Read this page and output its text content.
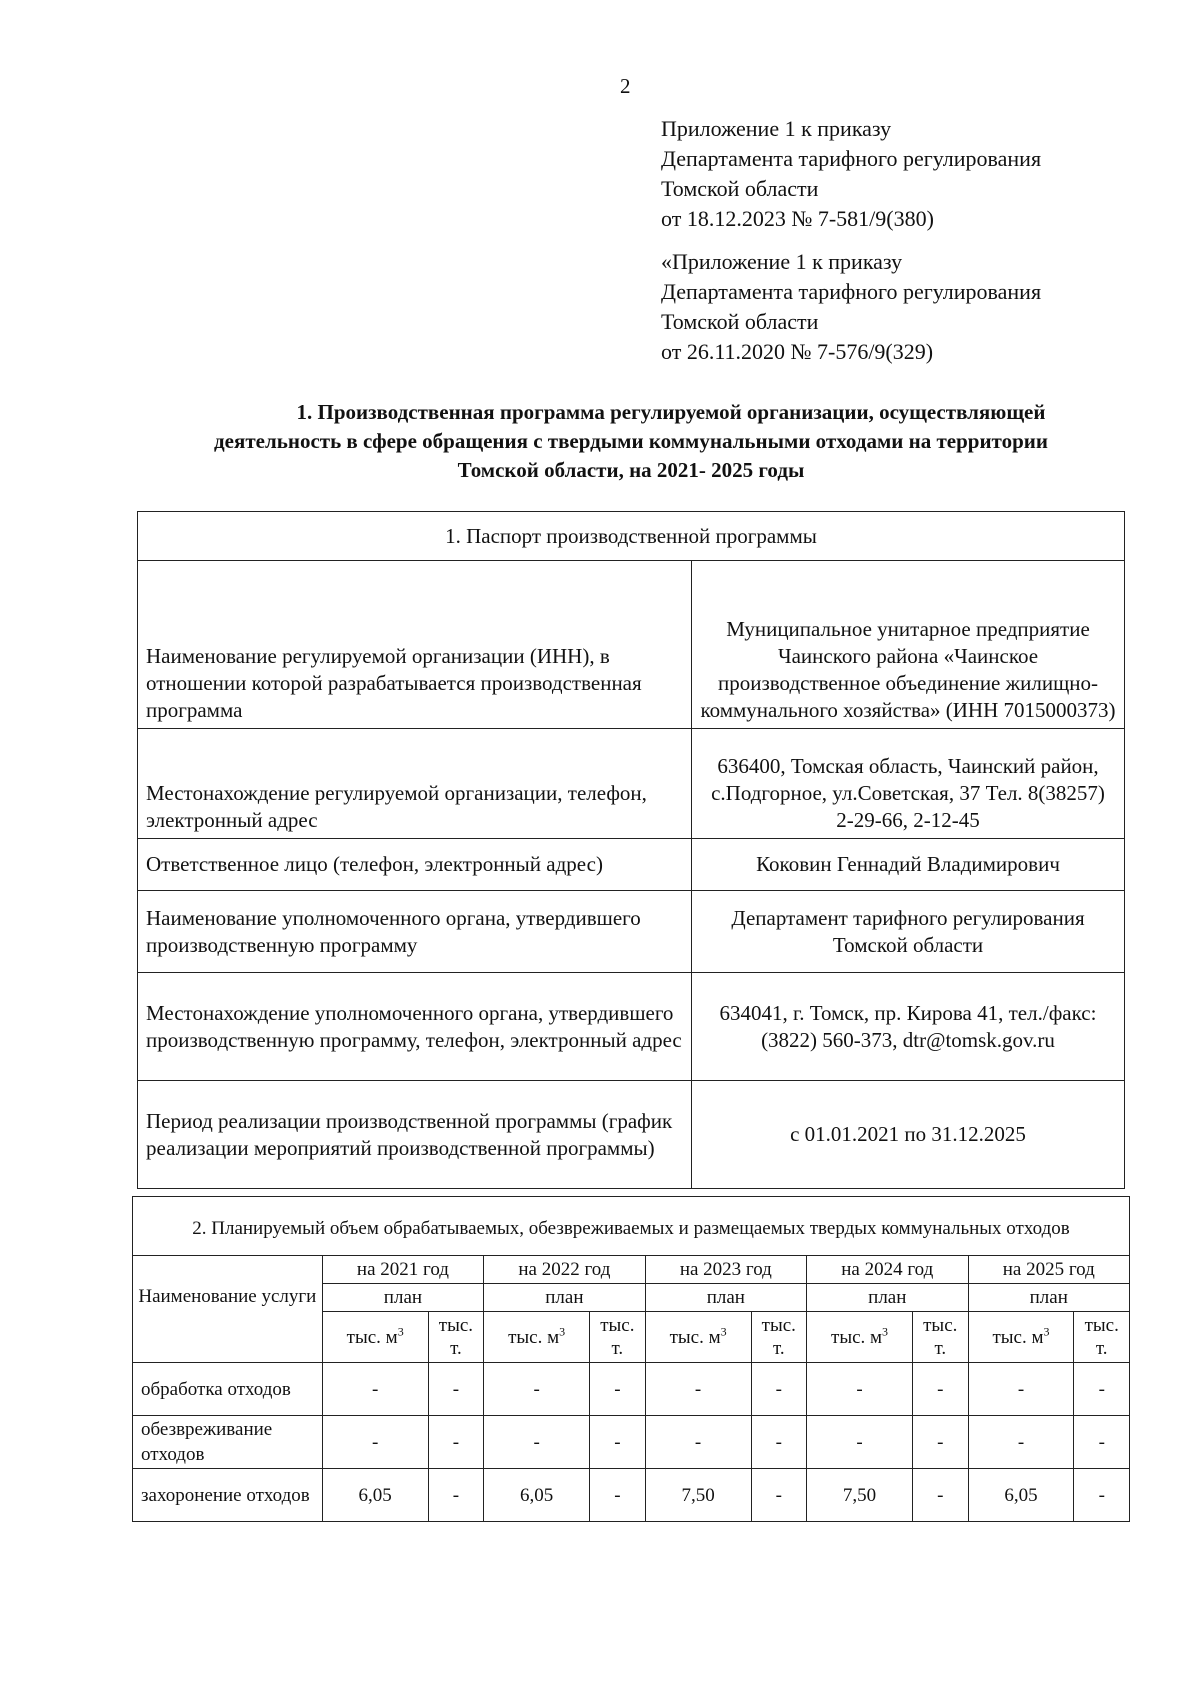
2
Приложение 1 к приказу
Департамента тарифного регулирования
Томской области
от 18.12.2023 № 7-581/9(380)
«Приложение 1 к приказу
Департамента тарифного регулирования
Томской области
от 26.11.2020 № 7-576/9(329)
1. Производственная программа регулируемой организации, осуществляющей
деятельность в сфере обращения с твердыми коммунальными отходами на территории
Томской области, на 2021- 2025 годы
1. Паспорт производственной программы	
Наименование регулируемой организации (ИНН), в отношении которой разрабатывается производственная программа	Муниципальное унитарное предприятие Чаинского района «Чаинское производственное объединение жилищно-коммунального хозяйства» (ИНН 7015000373)
Местонахождение регулируемой организации, телефон, электронный адрес	636400, Томская область, Чаинский район, с.Подгорное, ул.Советская, 37 Тел. 8(38257) 2-29-66, 2-12-45
Ответственное лицо (телефон, электронный адрес)	Коковин Геннадий Владимирович
Наименование уполномоченного органа, утвердившего производственную программу	Департамент тарифного регулирования Томской области
Местонахождение уполномоченного органа, утвердившего производственную программу, телефон, электронный адрес	634041, г. Томск, пр. Кирова 41, тел./факс: (3822) 560-373, dtr@tomsk.gov.ru
Период реализации производственной программы (график реализации мероприятий производственной программы)	с 01.01.2021 по 31.12.2025
2. Планируемый объем обрабатываемых, обезвреживаемых и размещаемых твердых коммунальных отходов										
Наименование услуги	на 2021 год		на 2022 год		на 2023 год		на 2024 год		на 2025 год	
	план		план		план		план		план	
	тыс. $м^3$	тыс. т.	тыс. $м^3$	тыс. т.	тыс. $м^3$	тыс. т.	тыс. $м^3$	тыс. т.	тыс. $м^3$	тыс. т.
обработка отходов	-	-	-	-	-	-	-	-	-	-
обезвреживание отходов	-	-	-	-	-	-	-	-	-	-
захоронение отходов	6,05	-	6,05	-	7,50	-	7,50	-	6,05	-
